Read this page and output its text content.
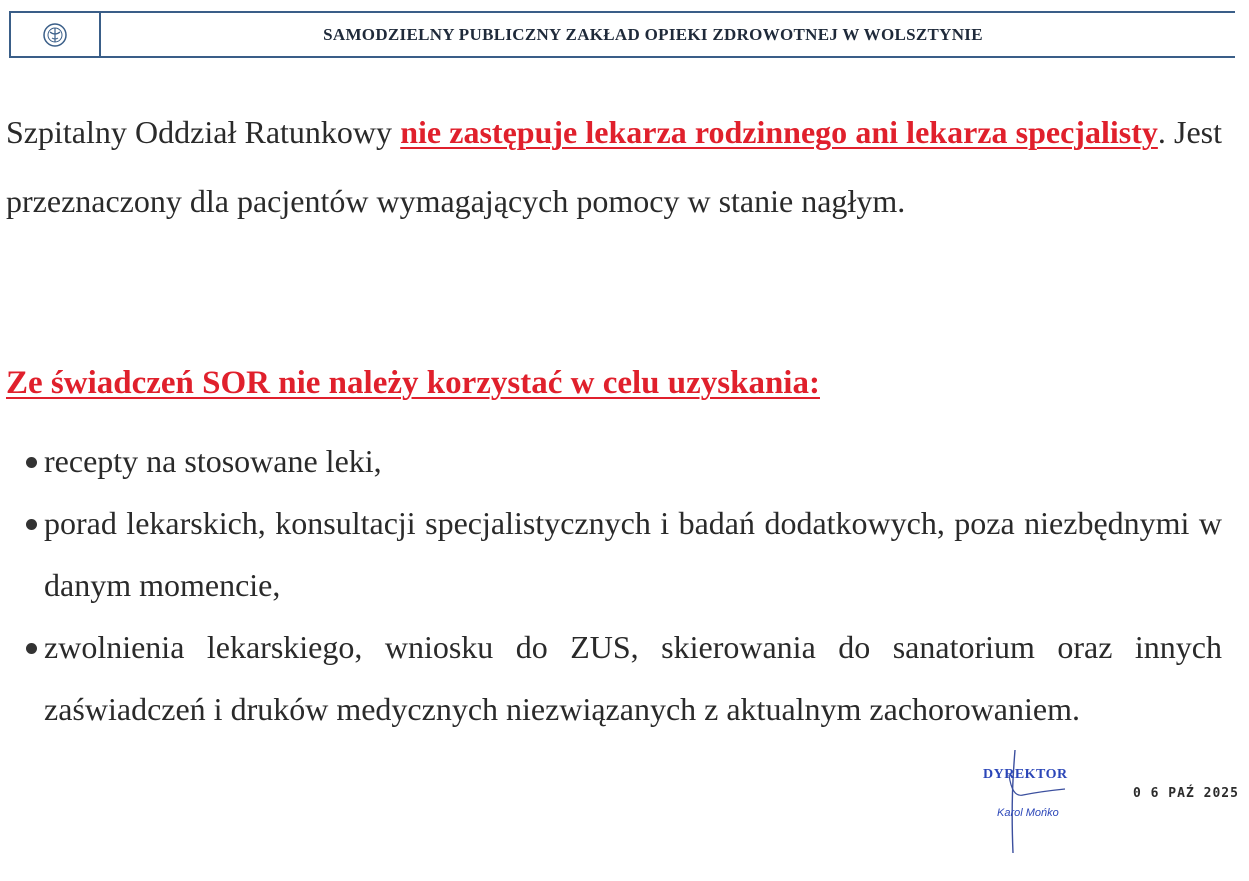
SAMODZIELNY PUBLICZNY ZAKŁAD OPIEKI ZDROWOTNEJ W WOLSZTYNIE
Szpitalny Oddział Ratunkowy nie zastępuje lekarza rodzinnego ani lekarza specjalisty. Jest przeznaczony dla pacjentów wymagających pomocy w stanie nagłym.
Ze świadczeń SOR nie należy korzystać w celu uzyskania:
recepty na stosowane leki,
porad lekarskich, konsultacji specjalistycznych i badań dodatkowych, poza niezbędnymi w danym momencie,
zwolnienia lekarskiego, wniosku do ZUS, skierowania do sanatorium oraz innych zaświadczeń i druków medycznych niezwiązanych z aktualnym zachorowaniem.
DYREKTOR
Karol Mońko
0 6 PAŹ 2025
